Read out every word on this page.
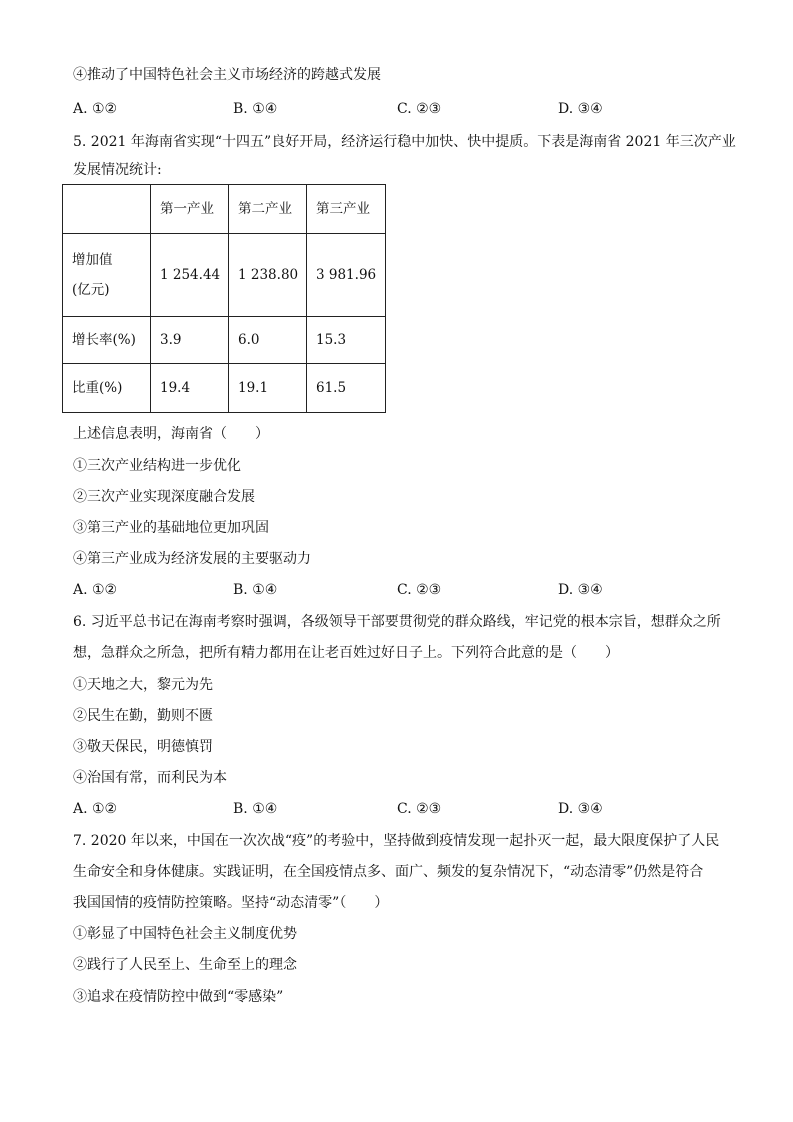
④推动了中国特色社会主义市场经济的跨越式发展
A. ①②	B. ①④	C. ②③	D. ③④
5. 2021 年海南省实现“十四五”良好开局，经济运行稳中加快、快中提质。下表是海南省 2021 年三次产业
发展情况统计:
	第一产业	第二产业	第三产业

增加值
(亿元)	1 254.44	1 238.80	3 981.96
增长率(%)	3.9	6.0	15.3
比重(%)	19.4	19.1	61.5
上述信息表明，海南省（　　）
①三次产业结构进一步优化
②三次产业实现深度融合发展
③第三产业的基础地位更加巩固
④第三产业成为经济发展的主要驱动力
A. ①②	B. ①④	C. ②③	D. ③④
6. 习近平总书记在海南考察时强调，各级领导干部要贯彻党的群众路线，牢记党的根本宗旨，想群众之所
想，急群众之所急，把所有精力都用在让老百姓过好日子上。下列符合此意的是（　　）
①天地之大，黎元为先
②民生在勤，勤则不匮
③敬天保民，明德慎罚
④治国有常，而利民为本
A. ①②	B. ①④	C. ②③	D. ③④
7. 2020 年以来，中国在一次次战“疫”的考验中，坚持做到疫情发现一起扑灭一起，最大限度保护了人民
生命安全和身体健康。实践证明，在全国疫情点多、面广、频发的复杂情况下，“动态清零”仍然是符合
我国国情的疫情防控策略。坚持“动态清零”（　　）
①彰显了中国特色社会主义制度优势
②践行了人民至上、生命至上的理念
③追求在疫情防控中做到“零感染”
